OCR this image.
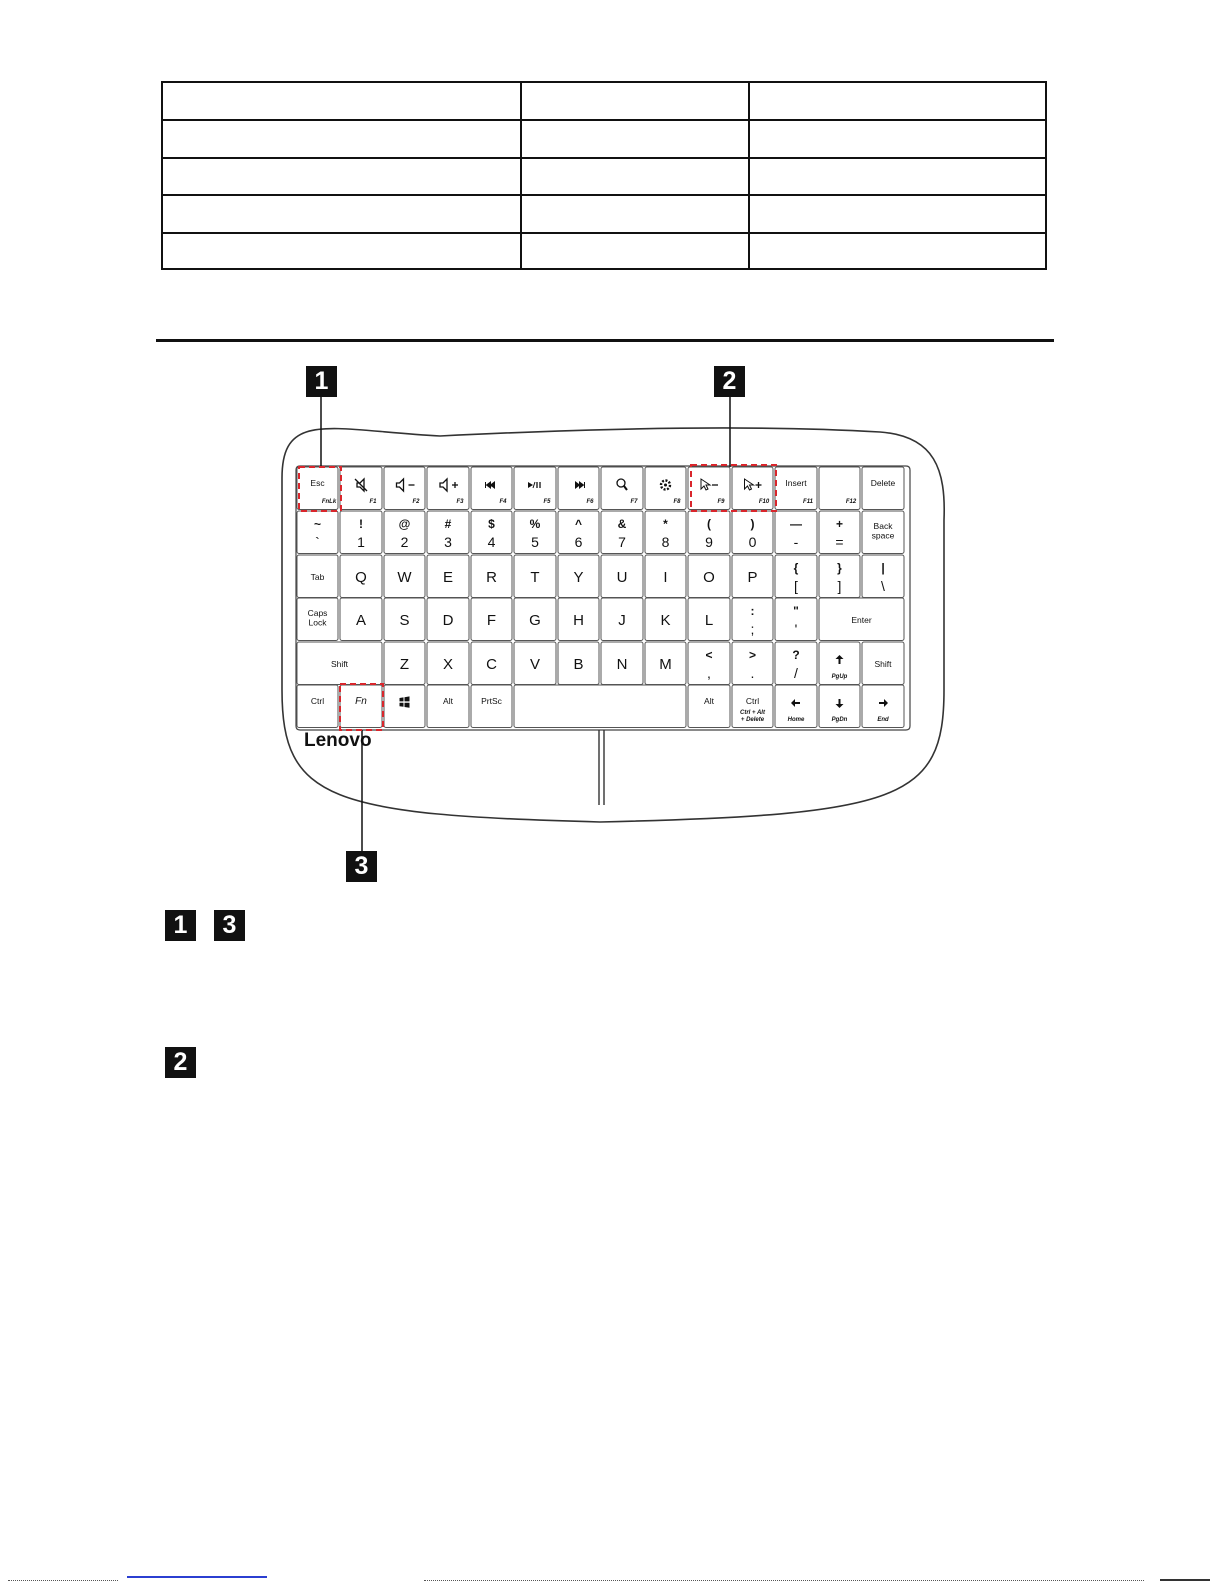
1	2
3
1	3
2
Esc
FnLk	F1	F2	F3	F4	F5	F6	F7	F8	F9	F10
Insert
F11	F12
Delete
~
`
!
1
@
2
#
3
$
4
%
5
^
6
&
7
*
8
(
9
)
0
—
-
+
=
Back
space
Tab Q W E R T Y U I O P
{
[
}
]
|
\
Caps
Lock A S D F G H J K L
:
;
"
'
Enter
Shift	Z X C V B N M
<
,
>
.
?
/	PgUp
Shift
Ctrl	Fn	Alt	PrtSc	Alt	Ctrl
Ctrl + Alt
+ Delete	Home	PgDn	End
Lenovo
